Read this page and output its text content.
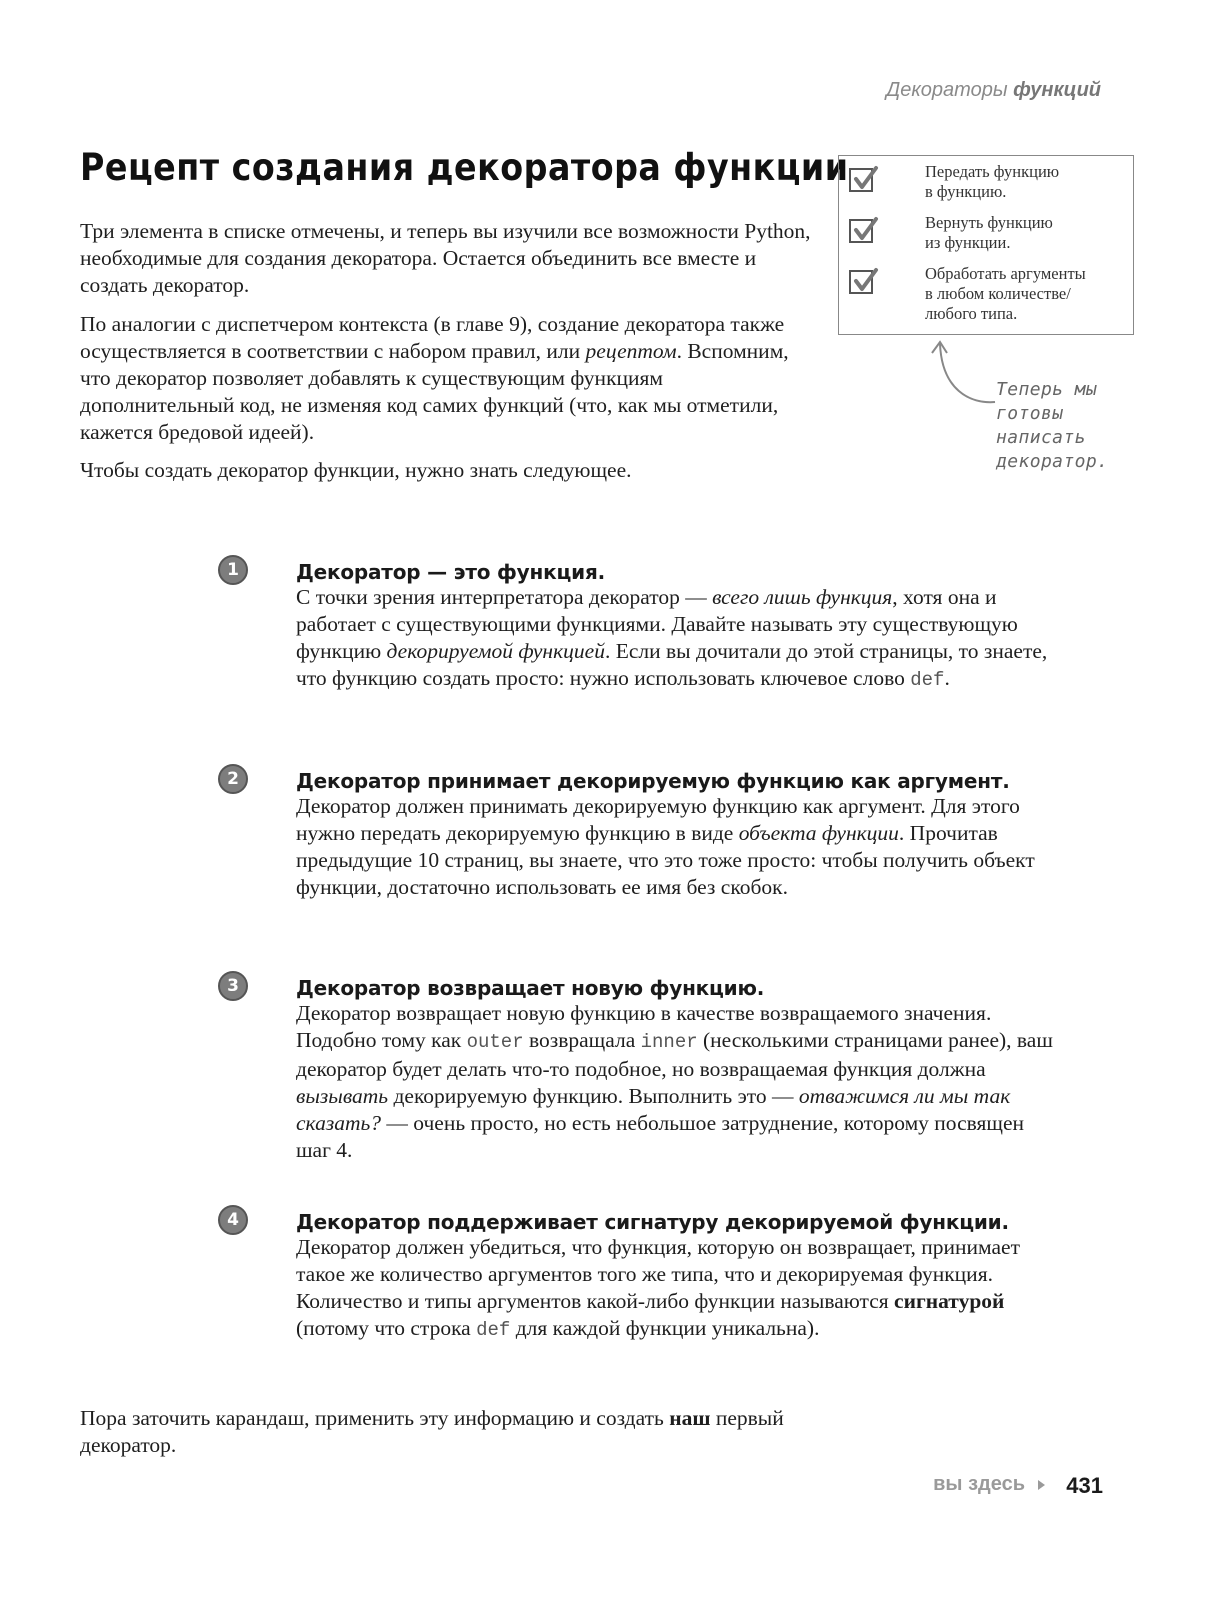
Декораторы функций
Рецепт создания декоратора функции
Три элемента в списке отмечены, и теперь вы изучили все возможности Python, необходимые для создания декоратора. Остается объединить все вместе и создать декоратор.
По аналогии с диспетчером контекста (в главе 9), создание декоратора также осуществляется в соответствии с набором правил, или рецептом. Вспомним, что декоратор позволяет добавлять к существующим функциям дополнительный код, не изменяя код самих функций (что, как мы отметили, кажется бредовой идеей).
Чтобы создать декоратор функции, нужно знать следующее.
Передать функцию
в функцию.
Вернуть функцию
из функции.
Обработать аргументы
в любом количестве/
любого типа.
Теперь мы
готовы
написать
декоратор.
1	Декоратор — это функция.
С точки зрения интерпретатора декоратор — всего лишь функция, хотя она и работает с существующими функциями. Давайте называть эту существующую функцию декорируемой функцией. Если вы дочитали до этой страницы, то знаете, что функцию создать просто: нужно использовать ключевое слово def.
2	Декоратор принимает декорируемую функцию как аргумент.
Декоратор должен принимать декорируемую функцию как аргумент. Для этого нужно передать декорируемую функцию в виде объекта функции. Прочитав предыдущие 10 страниц, вы знаете, что это тоже просто: чтобы получить объект функции, достаточно использовать ее имя без скобок.
3	Декоратор возвращает новую функцию.
Декоратор возвращает новую функцию в качестве возвращаемого значения. Подобно тому как outer возвращала inner (несколькими страницами ранее), ваш декоратор будет делать что-то подобное, но возвращаемая функция должна вызывать декорируемую функцию. Выполнить это — отважимся ли мы так сказать? — очень просто, но есть небольшое затруднение, которому посвящен шаг 4.
4	Декоратор поддерживает сигнатуру декорируемой функции.
Декоратор должен убедиться, что функция, которую он возвращает, принимает такое же количество аргументов того же типа, что и декорируемая функция. Количество и типы аргументов какой-либо функции называются сигнатурой (потому что строка def для каждой функции уникальна).
Пора заточить карандаш, применить эту информацию и создать наш первый декоратор.
вы здесь 431
